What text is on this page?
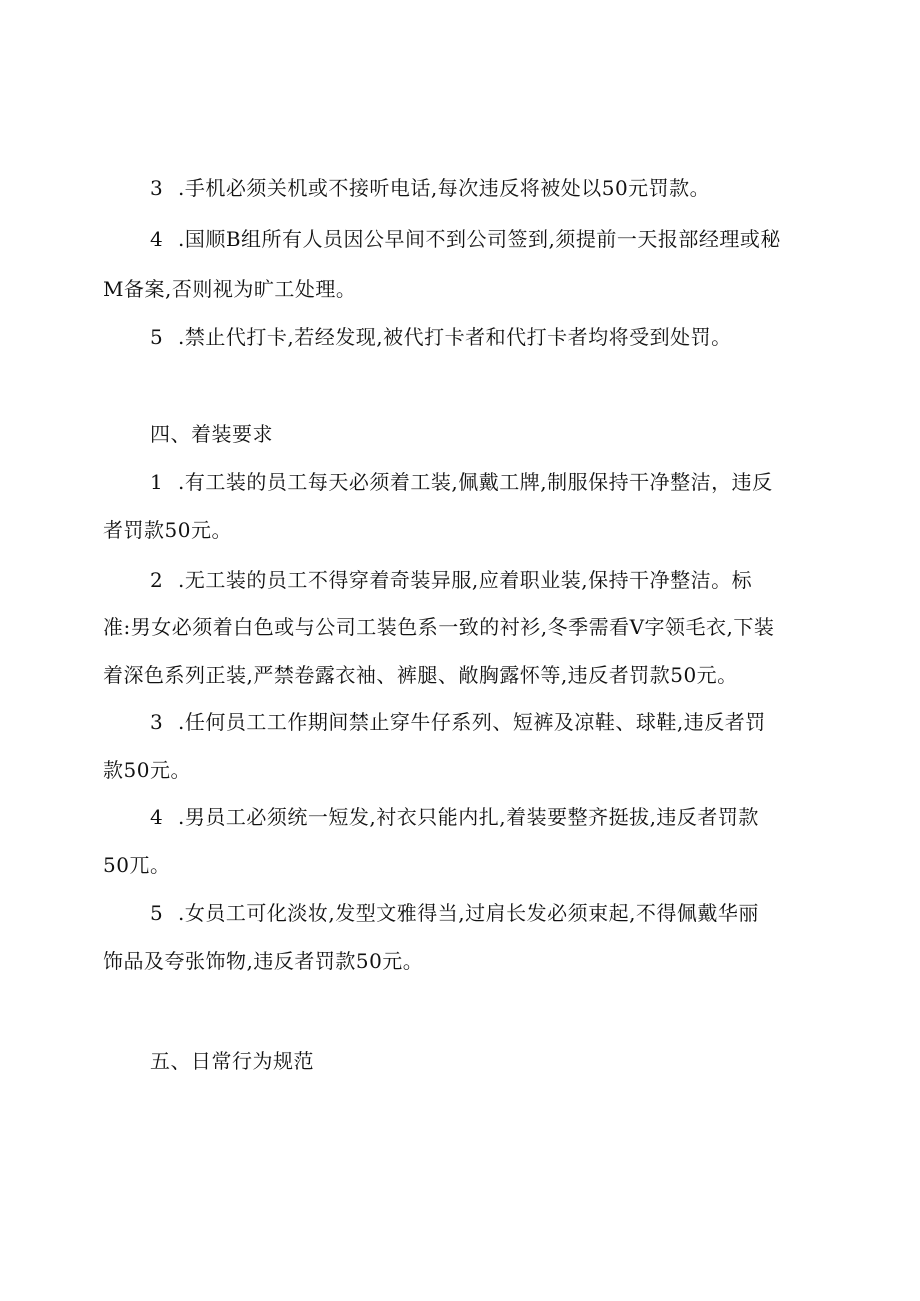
3 .手机必须关机或不接听电话,每次违反将被处以50元罚款。
4 .国顺B组所有人员因公早间不到公司签到,须提前一天报部经理或秘
M备案,否则视为旷工处理。
5 .禁止代打卡,若经发现,被代打卡者和代打卡者均将受到处罚。
四、着装要求
1 .有工装的员工每天必须着工装,佩戴工牌,制服保持干净整洁，违反
者罚款50元。
2 .无工装的员工不得穿着奇装异服,应着职业装,保持干净整洁。标
准:男女必须着白色或与公司工装色系一致的衬衫,冬季需看V字领毛衣,下装
着深色系列正装,严禁卷露衣袖、裤腿、敞胸露怀等,违反者罚款50元。
3 .任何员工工作期间禁止穿牛仔系列、短裤及凉鞋、球鞋,违反者罚
款50元。
4 .男员工必须统一短发,衬衣只能内扎,着装要整齐挺拔,违反者罚款
50兀。
5 .女员工可化淡妆,发型文雅得当,过肩长发必须束起,不得佩戴华丽
饰品及夸张饰物,违反者罚款50元。
五、日常行为规范
